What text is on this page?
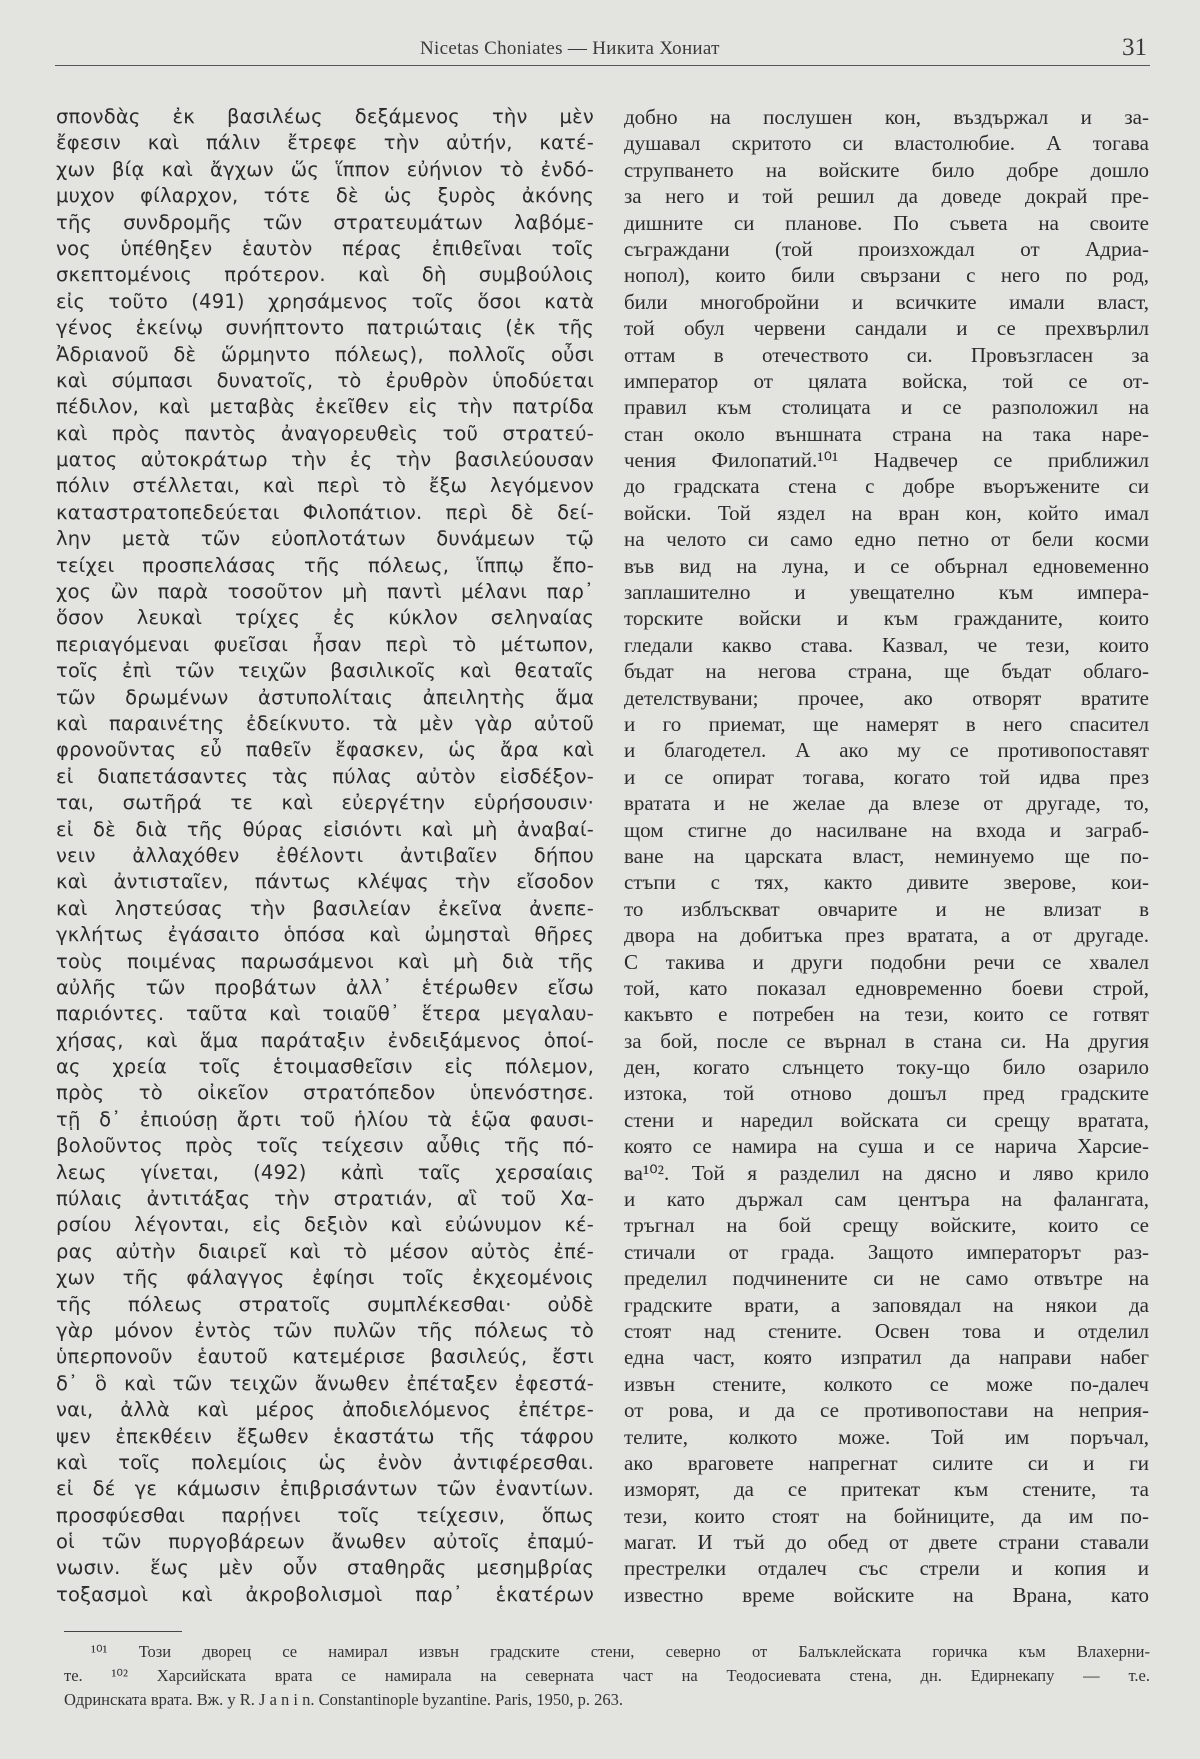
Nicetas Choniates — Никита Хониат	31
σπονδὰς ἐκ βασιλέως δεξάμενος τὴν μὲν
ἔφεσιν καὶ πάλιν ἔτρεφε τὴν αὐτήν, κατέ-
χων βίᾳ καὶ ἄγχων ὥς ἵππον εὐήνιον τὸ ἐνδό-
μυχον φίλαρχον, τότε δὲ ὡς ξυρὸς ἀκόνης
τῆς συνδρομῆς τῶν στρατευμάτων λαβόμε-
νος ὑπέθηξεν ἑαυτὸν πέρας ἐπιθεῖναι τοῖς
σκεπτομένοις πρότερον. καὶ δὴ συμβούλοις
εἰς τοῦτο (491) χρησάμενος τοῖς ὅσοι κατὰ
γένος ἐκείνῳ συνήπτοντο πατριώταις (ἐκ τῆς
Ἀδριανοῦ δὲ ὥρμηντο πόλεως), πολλοῖς οὖσι
καὶ σύμπασι δυνατοῖς, τὸ ἐρυθρὸν ὑποδύεται
πέδιλον, καὶ μεταβὰς ἐκεῖθεν εἰς τὴν πατρίδα
καὶ πρὸς παντὸς ἀναγορευθεὶς τοῦ στρατεύ-
ματος αὐτοκράτωρ τὴν ἐς τὴν βασιλεύουσαν
πόλιν στέλλεται, καὶ περὶ τὸ ἔξω λεγόμενον
καταστρατοπεδεύεται Φιλοπάτιον. περὶ δὲ δεί-
λην μετὰ τῶν εὐοπλοτάτων δυνάμεων τῷ
τείχει προσπελάσας τῆς πόλεως, ἵππῳ ἔπο-
χος ὢν παρὰ τοσοῦτον μὴ παντὶ μέλανι παρ᾽
ὅσον λευκαὶ τρίχες ἐς κύκλον σεληναίας
περιαγόμεναι φυεῖσαι ἦσαν περὶ τὸ μέτωπον,
τοῖς ἐπὶ τῶν τειχῶν βασιλικοῖς καὶ θεαταῖς
τῶν δρωμένων ἀστυπολίταις ἀπειλητὴς ἅμα
καὶ παραινέτης ἐδείκνυτο. τὰ μὲν γὰρ αὐτοῦ
φρονοῦντας εὖ παθεῖν ἔφασκεν, ὡς ἄρα καὶ
εἰ διαπετάσαντες τὰς πύλας αὐτὸν εἰσδέξον-
ται, σωτῆρά τε καὶ εὐεργέτην εὑρήσουσιν·
εἰ δὲ διὰ τῆς θύρας εἰσιόντι καὶ μὴ ἀναβαί-
νειν ἀλλαχόθεν ἐθέλοντι ἀντιβαῖεν δήπου
καὶ ἀντισταῖεν, πάντως κλέψας τὴν εἴσοδον
καὶ ληστεύσας τὴν βασιλείαν ἐκεῖνα ἀνεπε-
γκλήτως ἐγάσαιτο ὁπόσα καὶ ὠμησταὶ θῆρες
τοὺς ποιμένας παρωσάμενοι καὶ μὴ διὰ τῆς
αὐλῆς τῶν προβάτων ἀλλ᾽ ἑτέρωθεν εἴσω
παριόντες. ταῦτα καὶ τοιαῦθ᾽ ἕτερα μεγαλαυ-
χήσας, καὶ ἅμα παράταξιν ἐνδειξάμενος ὁποί-
ας χρεία τοῖς ἑτοιμασθεῖσιν εἰς πόλεμον,
πρὸς τὸ οἰκεῖον στρατόπεδον ὑπενόστησε.
τῇ δ᾽ ἐπιούσῃ ἄρτι τοῦ ἡλίου τὰ ἑῷα φαυσι-
βολοῦντος πρὸς τοῖς τείχεσιν αὖθις τῆς πό-
λεως γίνεται, (492) κἀπὶ ταῖς χερσαίαις
πύλαις ἀντιτάξας τὴν στρατιάν, αἳ τοῦ Χα-
ρσίου λέγονται, εἰς δεξιὸν καὶ εὐώνυμον κέ-
ρας αὐτὴν διαιρεῖ καὶ τὸ μέσον αὐτὸς ἐπέ-
χων τῆς φάλαγγος ἐφίησι τοῖς ἐκχεομένοις
τῆς πόλεως στρατοῖς συμπλέκεσθαι· οὐδὲ
γὰρ μόνον ἐντὸς τῶν πυλῶν τῆς πόλεως τὸ
ὑπερπονοῦν ἑαυτοῦ κατεμέρισε βασιλεύς, ἔστι
δ᾽ ὃ καὶ τῶν τειχῶν ἄνωθεν ἐπέταξεν ἐφεστά-
ναι, ἀλλὰ καὶ μέρος ἀποδιελόμενος ἐπέτρε-
ψεν ἐπεκθέειν ἔξωθεν ἑκαστάτω τῆς τάφρου
καὶ τοῖς πολεμίοις ὡς ἐνὸν ἀντιφέρεσθαι.
εἰ δέ γε κάμωσιν ἐπιβρισάντων τῶν ἐναντίων.
προσφύεσθαι παρῄνει τοῖς τείχεσιν, ὅπως
οἱ τῶν πυργοβάρεων ἄνωθεν αὐτοῖς ἐπαμύ-
νωσιν. ἕως μὲν οὖν σταθηρᾶς μεσημβρίας
τοξασμοὶ καὶ ἀκροβολισμοὶ παρ᾽ ἑκατέρων
добно на послушен кон, въздържал и за-
душавал скритото си властолюбие. А тогава
струпването на войските било добре дошло
за него и той решил да доведе докрай пре-
дишните си планове. По съвета на своите
съграждани (той произхождал от Адриа-
нопол), които били свързани с него по род,
били многобройни и всичките имали власт,
той обул червени сандали и се прехвърлил
оттам в отечеството си. Провъзгласен за
император от цялата войска, той се от-
правил към столицата и се разположил на
стан около външната страна на така наре-
чения Филопатий.¹⁰¹ Надвечер се приближил
до градската стена с добре въоръжените си
войски. Той яздел на вран кон, който имал
на челото си само едно петно от бели косми
във вид на луна, и се обърнал едновеменно
заплашително и увещателно към импера-
торските войски и към гражданите, които
гледали какво става. Казвал, че тези, които
бъдат на негова страна, ще бъдат облаго-
детелствувани; прочее, ако отворят вратите
и го приемат, ще намерят в него спасител
и благодетел. А ако му се противопоставят
и се опират тогава, когато той идва през
вратата и не желае да влезе от другаде, то,
щом стигне до насилване на входа и заграб-
ване на царската власт, неминуемо ще по-
стъпи с тях, както дивите зверове, кои-
то изблъскват овчарите и не влизат в
двора на добитъка през вратата, а от другаде.
С такива и други подобни речи се хвалел
той, като показал едновременно боеви строй,
какъвто е потребен на тези, които се готвят
за бой, после се върнал в стана си. На другия
ден, когато слънцето току-що било озарило
изтока, той отново дошъл пред градските
стени и наредил войската си срещу вратата,
която се намира на суша и се нарича Харсие-
ва¹⁰². Той я разделил на дясно и ляво крило
и като държал сам центъра на фалангата,
тръгнал на бой срещу войските, които се
стичали от града. Защото императорът раз-
пределил подчинените си не само отвътре на
градските врати, а заповядал на някои да
стоят над стените. Освен това и отделил
една част, която изпратил да направи набег
извън стените, колкото се може по-далеч
от рова, и да се противопостави на неприя-
телите, колкото може. Той им поръчал,
ако враговете напрегнат силите си и ги
изморят, да се притекат към стените, та
тези, които стоят на бойниците, да им по-
магат. И тъй до обед от двете страни ставали
престрелки отдалеч със стрели и копия и
известно време войските на Врана, като
¹⁰¹ Този дворец се намирал извън градските стени, северно от Балъклейската горичка към Влахерни-
те. ¹⁰² Харсийската врата се намирала на северната част на Теодосиевата стена, дн. Едирнекапу — т.е.
Одринската врата. Вж. у R. J a n i n. Constantinople byzantine. Paris, 1950, p. 263.
